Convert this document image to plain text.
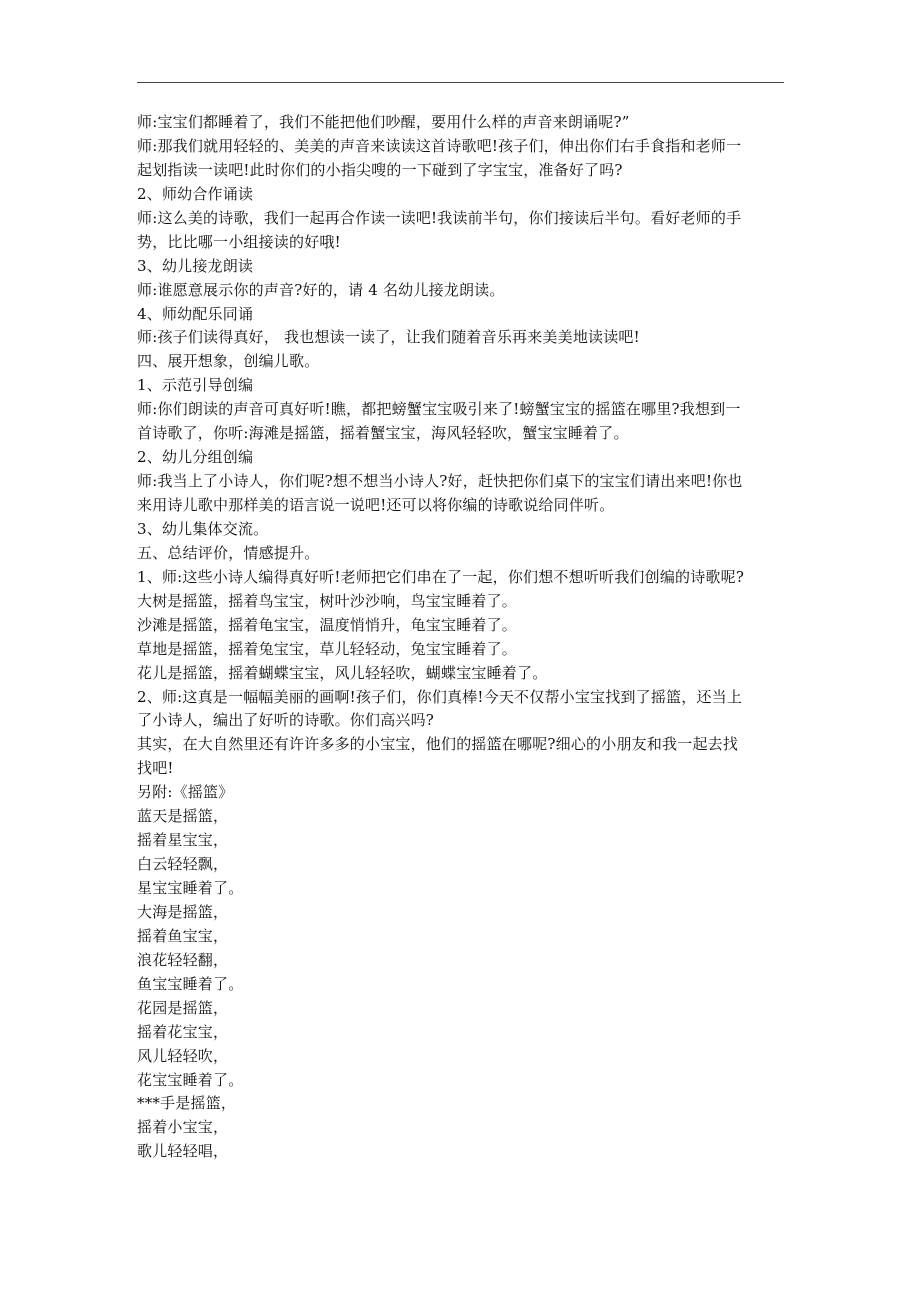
师:宝宝们都睡着了，我们不能把他们吵醒，要用什么样的声音来朗诵呢?”
师:那我们就用轻轻的、美美的声音来读读这首诗歌吧!孩子们，伸出你们右手食指和老师一
起划指读一读吧!此时你们的小指尖嗖的一下碰到了字宝宝，准备好了吗?
2、师幼合作诵读
师:这么美的诗歌，我们一起再合作读一读吧!我读前半句，你们接读后半句。看好老师的手
势，比比哪一小组接读的好哦!
3、幼儿接龙朗读
师:谁愿意展示你的声音?好的，请 4 名幼儿接龙朗读。
4、师幼配乐同诵
师:孩子们读得真好， 我也想读一读了，让我们随着音乐再来美美地读读吧!
四、展开想象，创编儿歌。
1、示范引导创编
师:你们朗读的声音可真好听!瞧，都把螃蟹宝宝吸引来了!螃蟹宝宝的摇篮在哪里?我想到一
首诗歌了，你听:海滩是摇篮，摇着蟹宝宝，海风轻轻吹，蟹宝宝睡着了。
2、幼儿分组创编
师:我当上了小诗人，你们呢?想不想当小诗人?好，赶快把你们桌下的宝宝们请出来吧!你也
来用诗儿歌中那样美的语言说一说吧!还可以将你编的诗歌说给同伴听。
3、幼儿集体交流。
五、总结评价，情感提升。
1、师:这些小诗人编得真好听!老师把它们串在了一起，你们想不想听听我们创编的诗歌呢?
大树是摇篮，摇着鸟宝宝，树叶沙沙响，鸟宝宝睡着了。
沙滩是摇篮，摇着龟宝宝，温度悄悄升，龟宝宝睡着了。
草地是摇篮，摇着兔宝宝，草儿轻轻动，兔宝宝睡着了。
花儿是摇篮，摇着蝴蝶宝宝，风儿轻轻吹，蝴蝶宝宝睡着了。
2、师:这真是一幅幅美丽的画啊!孩子们，你们真棒!今天不仅帮小宝宝找到了摇篮，还当上
了小诗人，编出了好听的诗歌。你们高兴吗?
其实，在大自然里还有许许多多的小宝宝，他们的摇篮在哪呢?细心的小朋友和我一起去找
找吧!
另附:《摇篮》
蓝天是摇篮，
摇着星宝宝，
白云轻轻飘，
星宝宝睡着了。
大海是摇篮，
摇着鱼宝宝，
浪花轻轻翻，
鱼宝宝睡着了。
花园是摇篮，
摇着花宝宝，
风儿轻轻吹，
花宝宝睡着了。
***手是摇篮，
摇着小宝宝，
歌儿轻轻唱，
